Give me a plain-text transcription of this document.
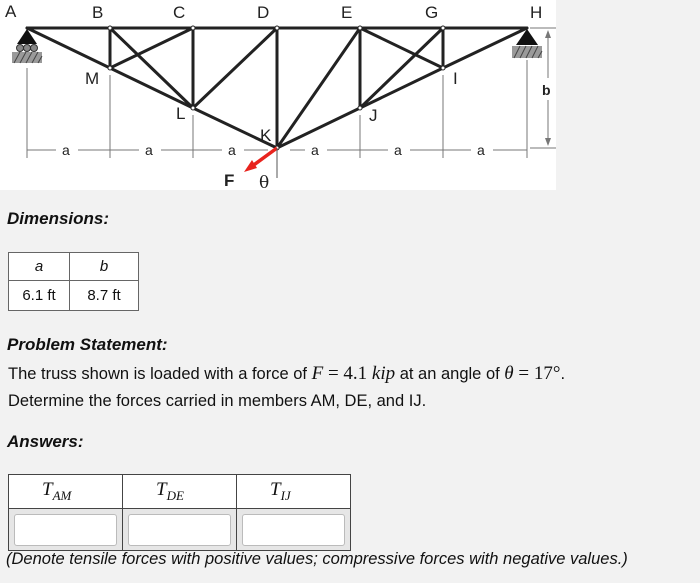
A	B	C	D	E	G	H
M
L
K
J
I
a	a	a	a	a	a
b
F θ

Dimensions:

a	b
6.1 ft	8.7 ft

Problem Statement:

The truss shown is loaded with a force of F = 4.1 kip at an angle of θ = 17°.
Determine the forces carried in members AM, DE, and IJ.

Answers:

$T_{AM}$	$T_{DE}$	$T_{IJ}$

(Denote tensile forces with positive values; compressive forces with negative values.)
